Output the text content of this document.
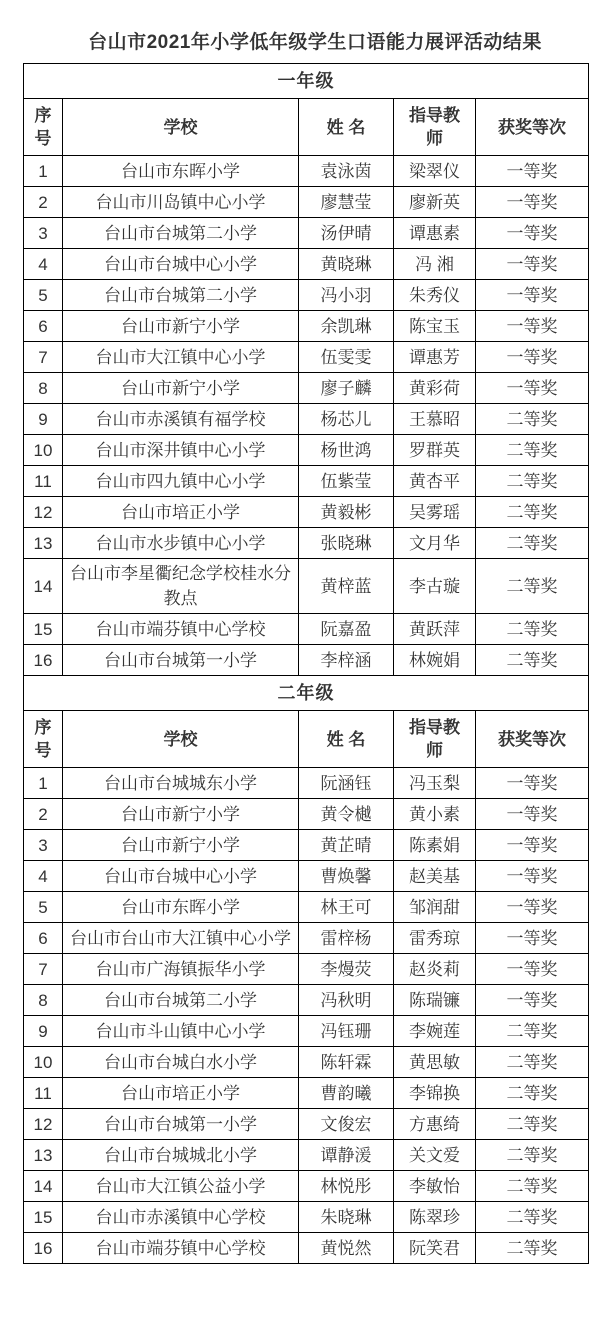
台山市2021年小学低年级学生口语能力展评活动结果
一年级				
序号	学校	姓 名	指导教师	获奖等次
1	台山市东晖小学	袁泳茵	梁翠仪	一等奖
2	台山市川岛镇中心小学	廖慧莹	廖新英	一等奖
3	台山市台城第二小学	汤伊晴	谭惠素	一等奖
4	台山市台城中心小学	黄晓琳	冯 湘	一等奖
5	台山市台城第二小学	冯小羽	朱秀仪	一等奖
6	台山市新宁小学	余凯琳	陈宝玉	一等奖
7	台山市大江镇中心小学	伍雯雯	谭惠芳	一等奖
8	台山市新宁小学	廖子麟	黄彩荷	一等奖
9	台山市赤溪镇有福学校	杨芯儿	王慕昭	二等奖
10	台山市深井镇中心小学	杨世鸿	罗群英	二等奖
11	台山市四九镇中心小学	伍紫莹	黄杏平	二等奖
12	台山市培正小学	黄毅彬	吴雾瑶	二等奖
13	台山市水步镇中心小学	张晓琳	文月华	二等奖
14	台山市李星衢纪念学校桂水分教点	黄梓蓝	李古璇	二等奖
15	台山市端芬镇中心学校	阮嘉盈	黄跃萍	二等奖
16	台山市台城第一小学	李梓涵	林婉娟	二等奖
二年级				
序号	学校	姓 名	指导教师	获奖等次
1	台山市台城城东小学	阮涵钰	冯玉梨	一等奖
2	台山市新宁小学	黄令樾	黄小素	一等奖
3	台山市新宁小学	黄芷晴	陈素娟	一等奖
4	台山市台城中心小学	曹焕馨	赵美基	一等奖
5	台山市东晖小学	林王可	邹润甜	一等奖
6	台山市台山市大江镇中心小学	雷梓杨	雷秀琼	一等奖
7	台山市广海镇振华小学	李熳荧	赵炎莉	一等奖
8	台山市台城第二小学	冯秋明	陈瑞镰	一等奖
9	台山市斗山镇中心小学	冯钰珊	李婉莲	二等奖
10	台山市台城白水小学	陈轩霖	黄思敏	二等奖
11	台山市培正小学	曹韵曦	李锦换	二等奖
12	台山市台城第一小学	文俊宏	方惠绮	二等奖
13	台山市台城城北小学	谭静湲	关文爱	二等奖
14	台山市大江镇公益小学	林悦彤	李敏怡	二等奖
15	台山市赤溪镇中心学校	朱晓琳	陈翠珍	二等奖
16	台山市端芬镇中心学校	黄悦然	阮笑君	二等奖
